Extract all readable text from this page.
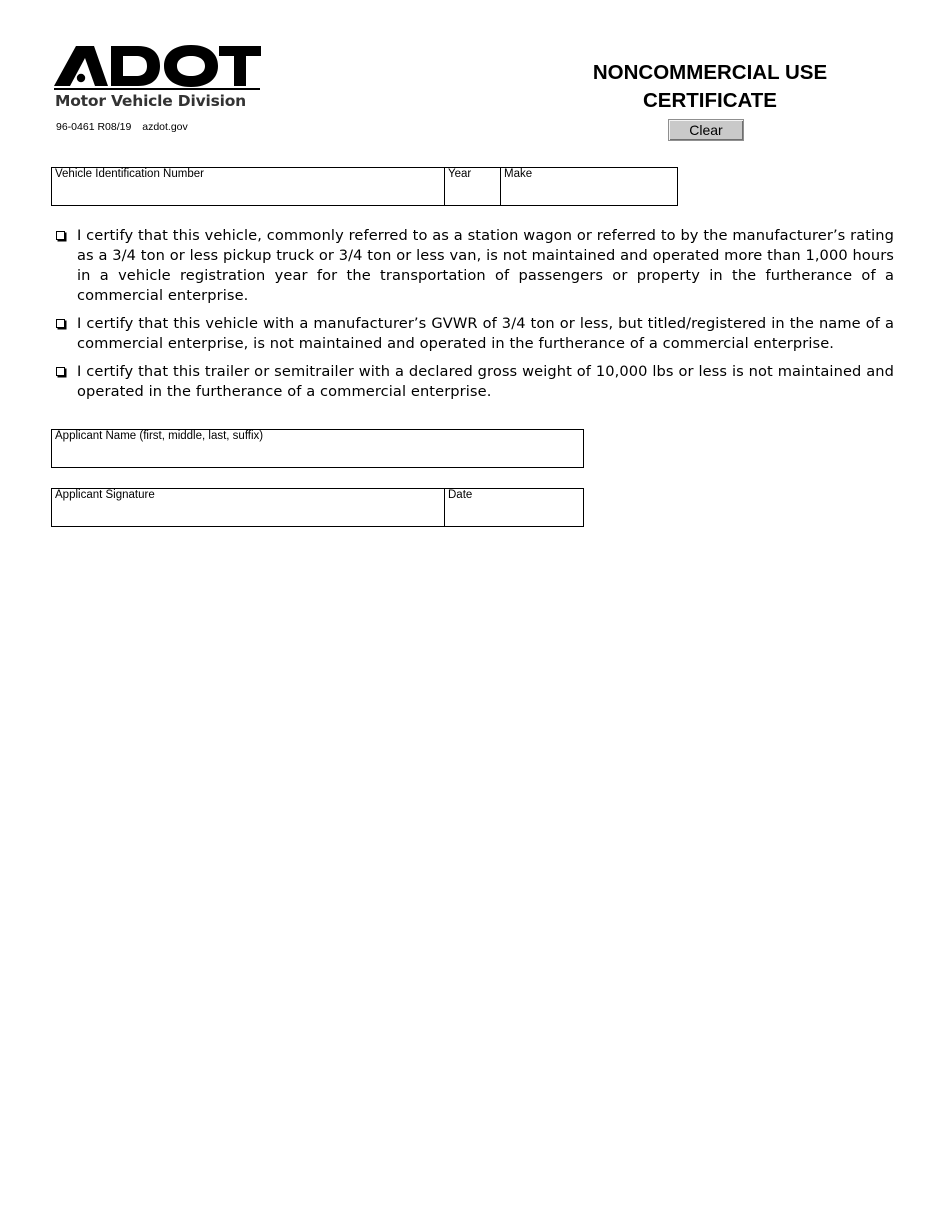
Motor Vehicle Division
96-0461 R08/19 azdot.gov
NONCOMMERCIAL USE
CERTIFICATE
Clear
Vehicle Identification Number	Year	Make
I certify that this vehicle, commonly referred to as a station wagon or referred to by the manufacturer’s rating as a 3/4 ton or less pickup truck or 3/4 ton or less van, is not maintained and operated more than 1,000 hours in a vehicle registration year for the transportation of passengers or property in the furtherance of a commercial enterprise.
I certify that this vehicle with a manufacturer’s GVWR of 3/4 ton or less, but titled/registered in the name of a commercial enterprise, is not maintained and operated in the furtherance of a commercial enterprise.
I certify that this trailer or semitrailer with a declared gross weight of 10,000 lbs or less is not maintained and operated in the furtherance of a commercial enterprise.
Applicant Name (first, middle, last, suffix)
Applicant Signature	Date
